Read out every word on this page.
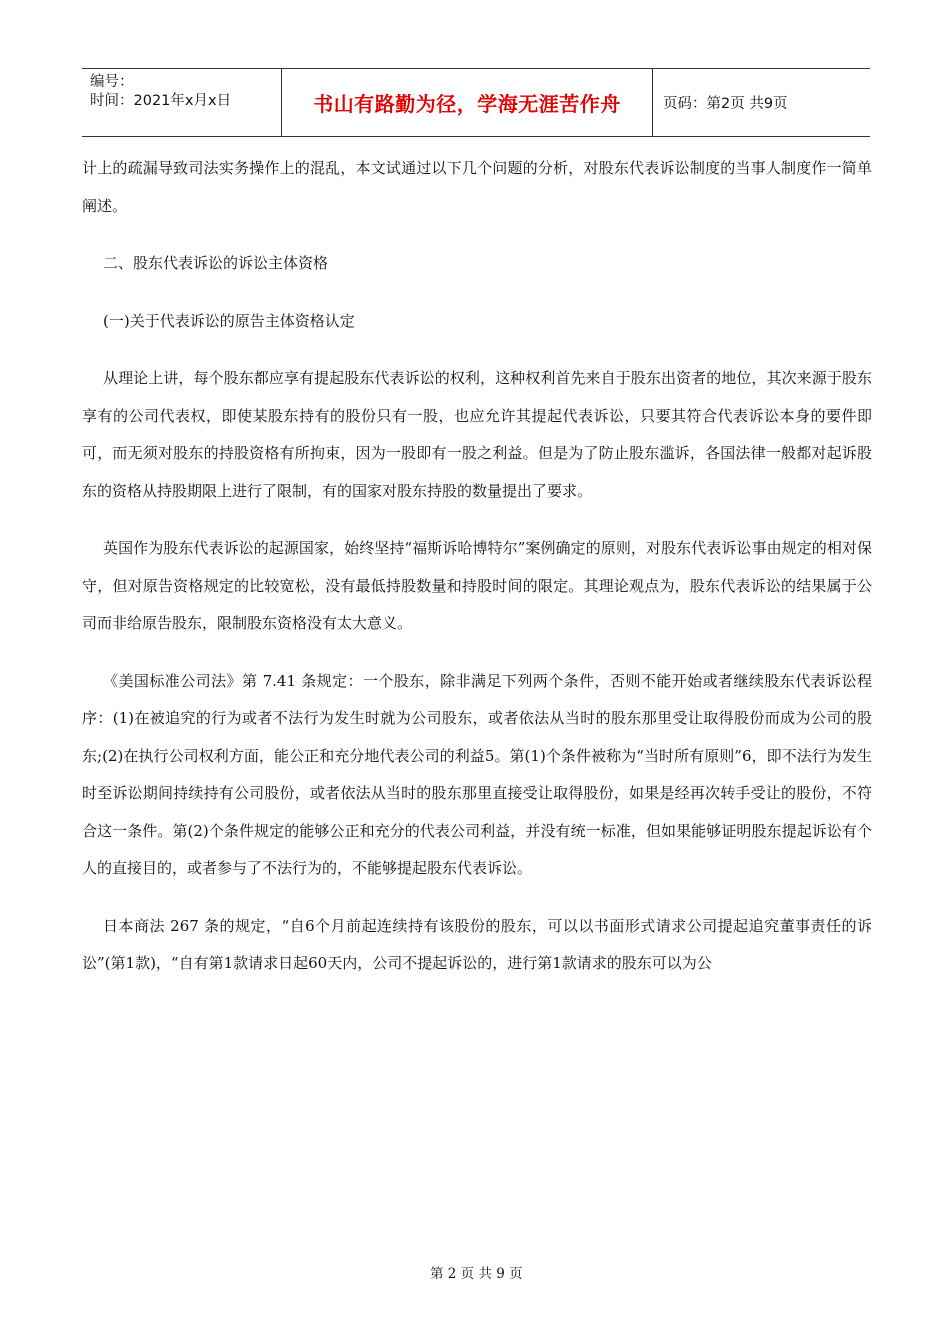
编号：
时间：2021年x月x日	书山有路勤为径，学海无涯苦作舟	页码：第2页 共9页

计上的疏漏导致司法实务操作上的混乱，本文试通过以下几个问题的分析，对股东代表诉讼制度的当事人制度作一简单阐述。

二、股东代表诉讼的诉讼主体资格

(一)关于代表诉讼的原告主体资格认定

从理论上讲，每个股东都应享有提起股东代表诉讼的权利，这种权利首先来自于股东出资者的地位，其次来源于股东享有的公司代表权，即使某股东持有的股份只有一股，也应允许其提起代表诉讼，只要其符合代表诉讼本身的要件即可，而无须对股东的持股资格有所拘束，因为一股即有一股之利益。但是为了防止股东滥诉，各国法律一般都对起诉股东的资格从持股期限上进行了限制，有的国家对股东持股的数量提出了要求。

英国作为股东代表诉讼的起源国家，始终坚持“福斯诉哈博特尔”案例确定的原则，对股东代表诉讼事由规定的相对保守，但对原告资格规定的比较宽松，没有最低持股数量和持股时间的限定。其理论观点为，股东代表诉讼的结果属于公司而非给原告股东，限制股东资格没有太大意义。

《美国标准公司法》第 7.41 条规定：一个股东，除非满足下列两个条件，否则不能开始或者继续股东代表诉讼程序：(1)在被追究的行为或者不法行为发生时就为公司股东，或者依法从当时的股东那里受让取得股份而成为公司的股东;(2)在执行公司权利方面，能公正和充分地代表公司的利益5。第(1)个条件被称为“当时所有原则”6，即不法行为发生时至诉讼期间持续持有公司股份，或者依法从当时的股东那里直接受让取得股份，如果是经再次转手受让的股份，不符合这一条件。第(2)个条件规定的能够公正和充分的代表公司利益，并没有统一标准，但如果能够证明股东提起诉讼有个人的直接目的，或者参与了不法行为的，不能够提起股东代表诉讼。

日本商法 267 条的规定，“自6个月前起连续持有该股份的股东，可以以书面形式请求公司提起追究董事责任的诉讼”(第1款)，“自有第1款请求日起60天内，公司不提起诉讼的，进行第1款请求的股东可以为公

第 2 页 共 9 页
